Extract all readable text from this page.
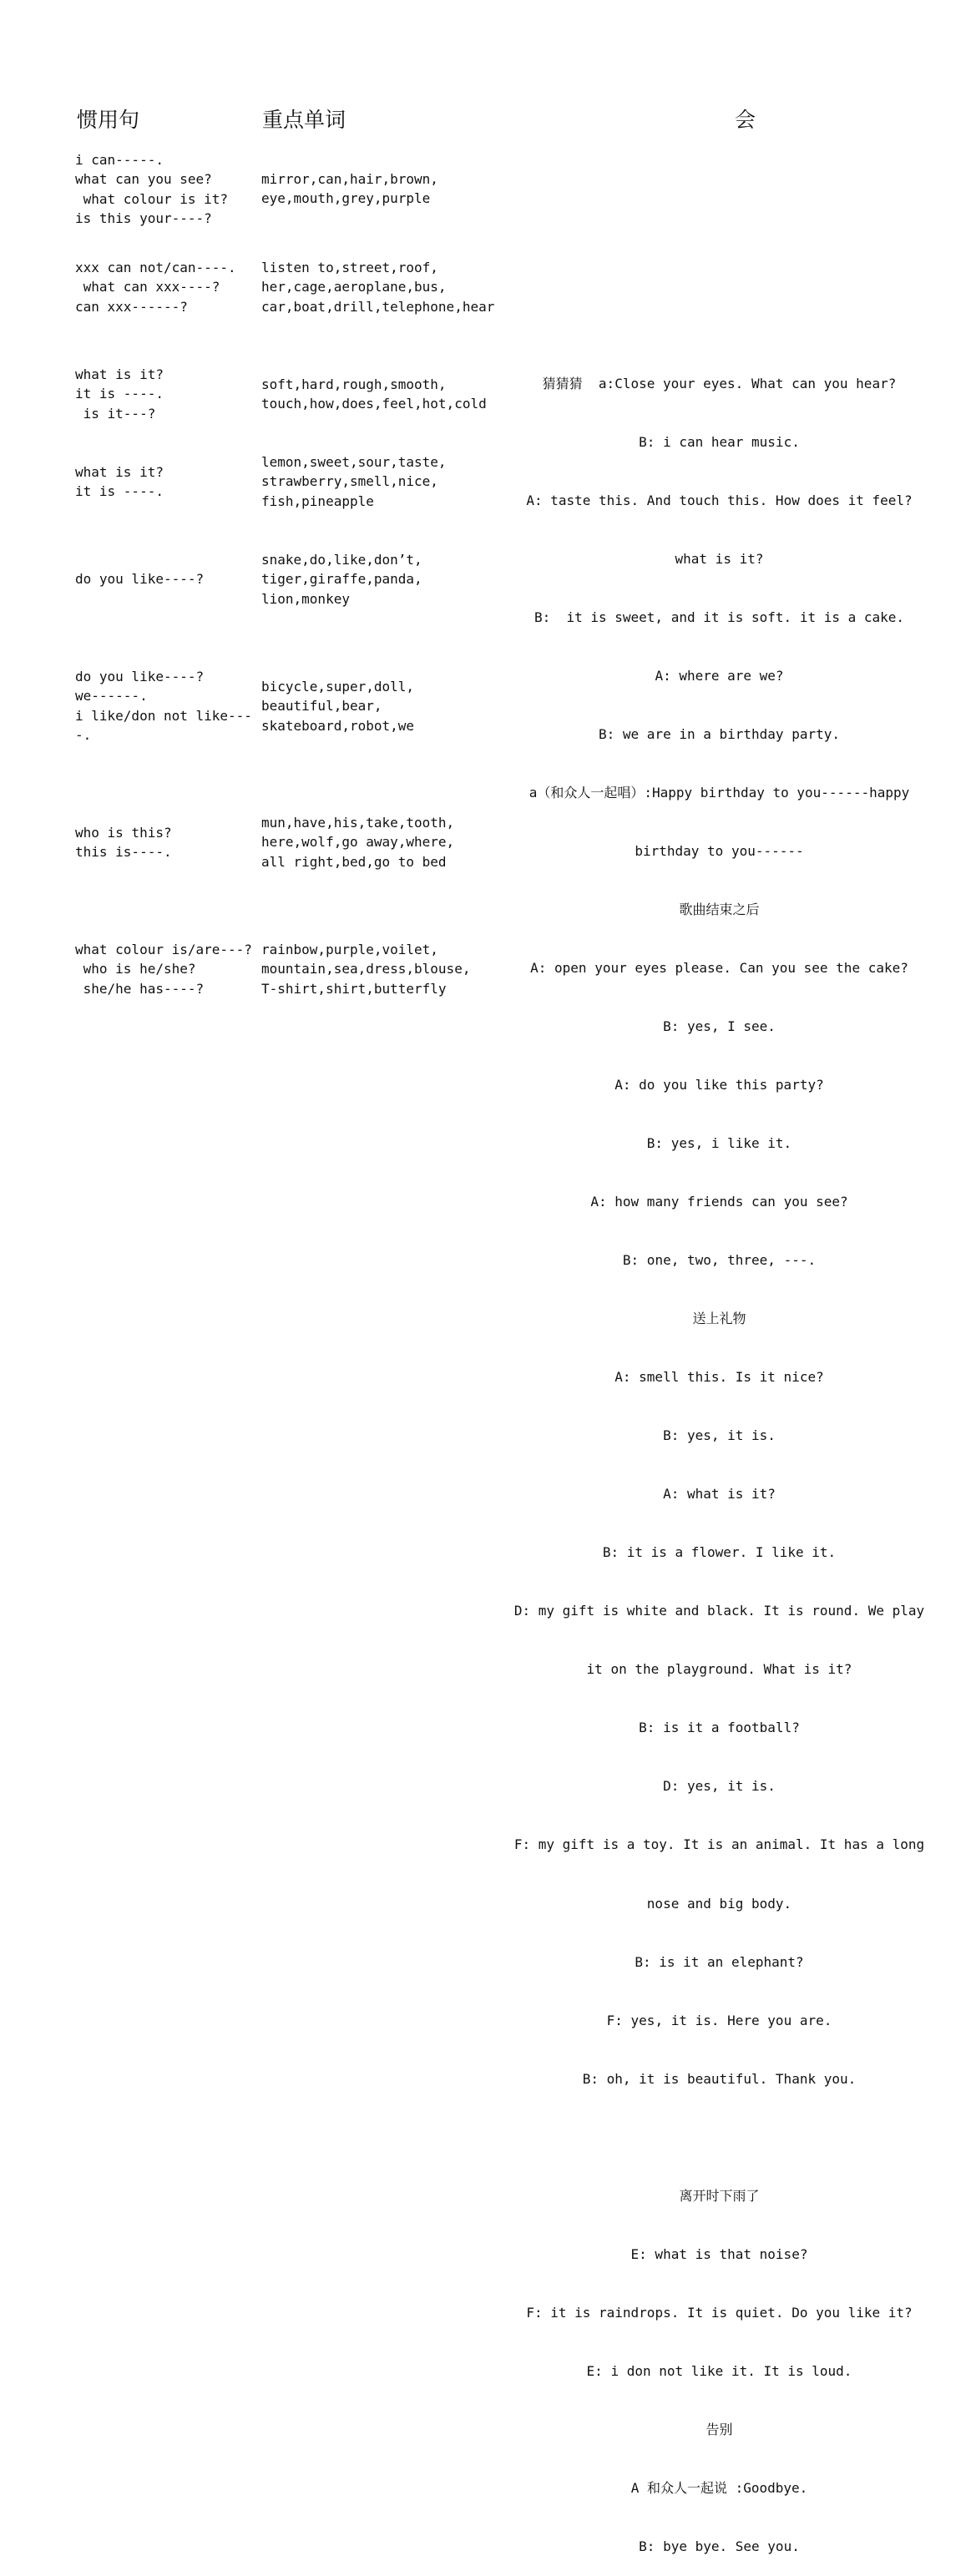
惯用句	重点单词	会
i can-----.
what can you see?
what colour is it?
is this your----?
mirror,can,hair,brown,
eye,mouth,grey,purple
xxx can not/can----.
what can xxx----?
can xxx------?
listen to,street,roof,
her,cage,aeroplane,bus,
car,boat,drill,telephone,hear
what is it?
it is ----.
is it---?
soft,hard,rough,smooth,
touch,how,does,feel,hot,cold
what is it?
it is ----.
lemon,sweet,sour,taste,
strawberry,smell,nice,
fish,pineapple
do you like----?
snake,do,like,don’t,
tiger,giraffe,panda,
lion,monkey
do you like----?
we------.
i like/don not like---
-.
bicycle,super,doll,
beautiful,bear,
skateboard,robot,we
who is this?
this is----.
mun,have,his,take,tooth,
here,wolf,go away,where,
all right,bed,go to bed
what colour is/are---?
who is he/she?
she/he has----?
rainbow,purple,voilet,
mountain,sea,dress,blouse,
T-shirt,shirt,butterfly

猜猜猜  a:Close your eyes. What can you hear?

B: i can hear music.

A: taste this. And touch this. How does it feel?

what is it?

B:  it is sweet, and it is soft. it is a cake.

A: where are we?

B: we are in a birthday party.

a（和众人一起唱）:Happy birthday to you------happy

birthday to you------

歌曲结束之后

A: open your eyes please. Can you see the cake?

B: yes, I see.

A: do you like this party?

B: yes, i like it.

A: how many friends can you see?

B: one, two, three, ---.

送上礼物

A: smell this. Is it nice?

B: yes, it is.

A: what is it?

B: it is a flower. I like it.

D: my gift is white and black. It is round. We play

it on the playground. What is it?

B: is it a football?

D: yes, it is.

F: my gift is a toy. It is an animal. It has a long

nose and big body.

B: is it an elephant?

F: yes, it is. Here you are.

B: oh, it is beautiful. Thank you.

离开时下雨了

E: what is that noise?

F: it is raindrops. It is quiet. Do you like it?

E: i don not like it. It is loud.

告别

A 和众人一起说 :Goodbye.

B: bye bye. See you.
